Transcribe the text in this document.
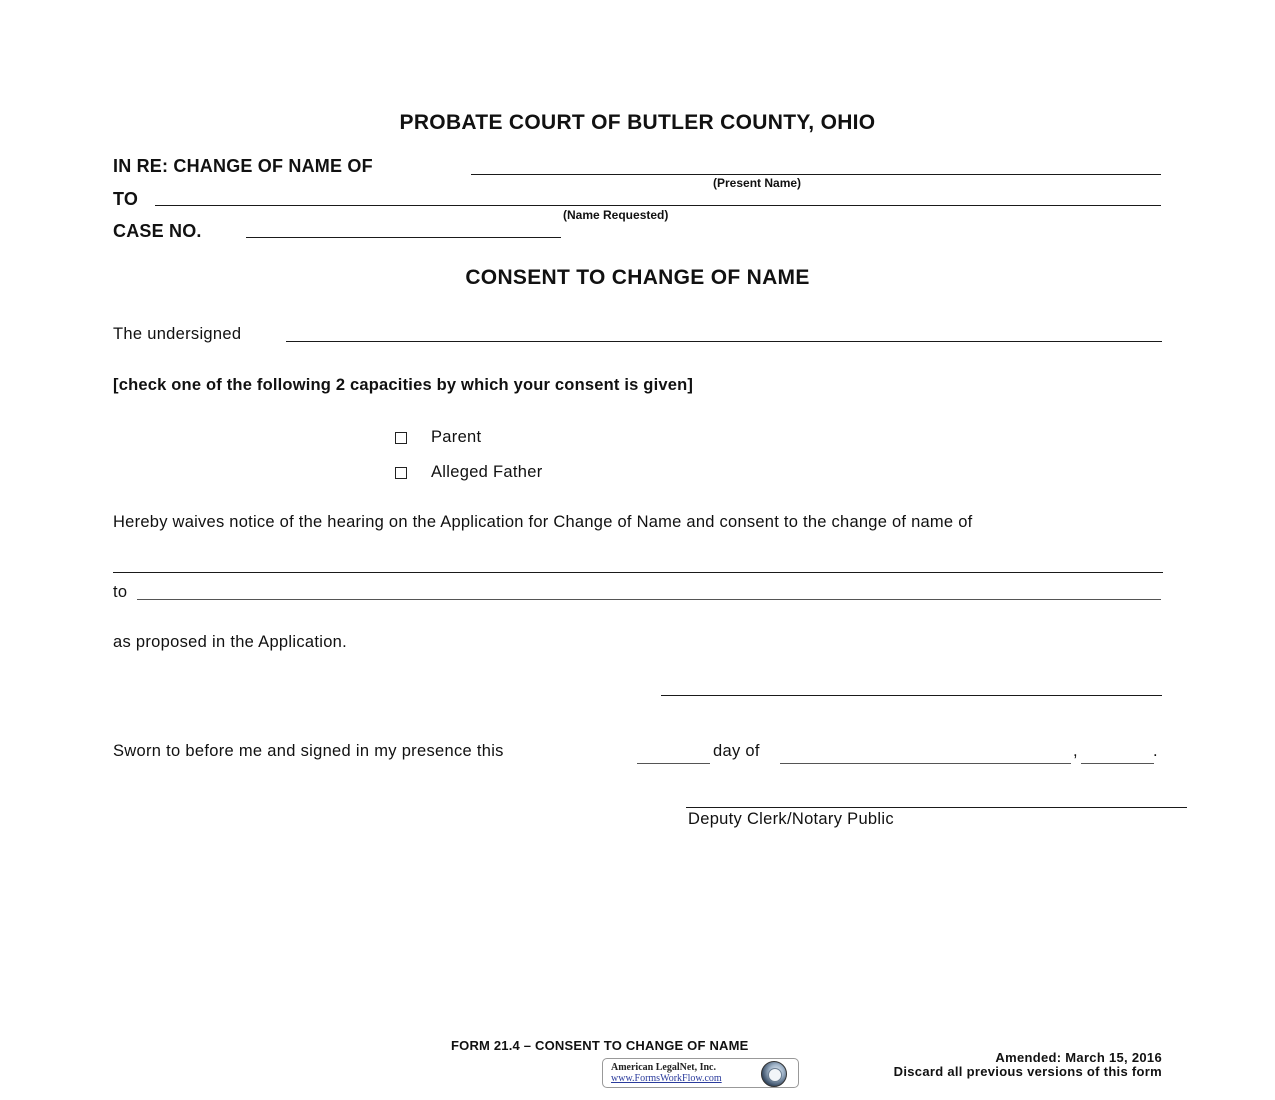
PROBATE COURT OF BUTLER COUNTY, OHIO
IN RE: CHANGE OF NAME OF
(Present Name)
TO
(Name Requested)
CASE NO.
CONSENT TO CHANGE OF NAME
The undersigned
[check one of the following 2 capacities by which your consent is given]
Parent
Alleged Father
Hereby waives notice of the hearing on the Application for Change of Name and consent to the change of name of
to
as proposed in the Application.
Sworn to before me and signed in my presence this	day of	,	.
Deputy Clerk/Notary Public
FORM 21.4 – CONSENT TO CHANGE OF NAME
Amended: March 15, 2016
Discard all previous versions of this form
American LegalNet, Inc.
www.FormsWorkFlow.com
